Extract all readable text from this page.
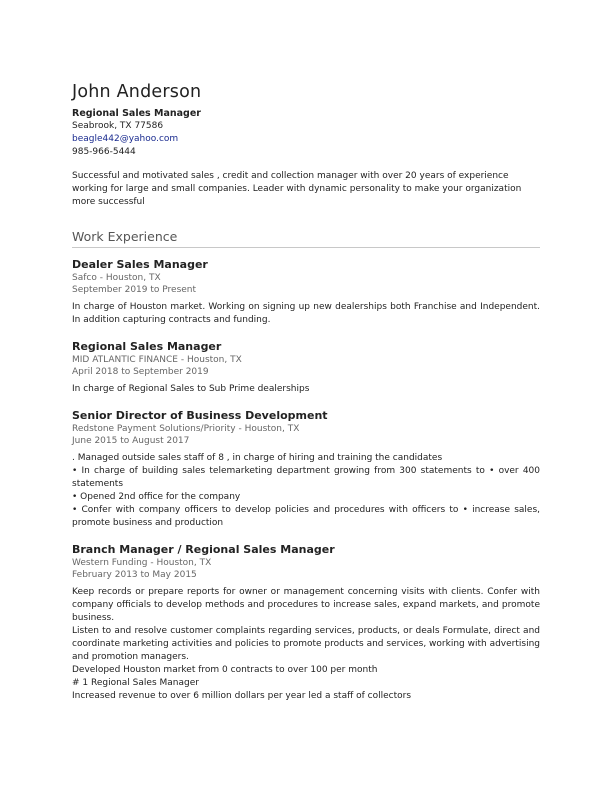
John Anderson
Regional Sales Manager
Seabrook, TX 77586
beagle442@yahoo.com
985-966-5444
Successful and motivated sales , credit and collection manager with over 20 years of experience working for large and small companies. Leader with dynamic personality to make your organization more successful
Work Experience
Dealer Sales Manager
Safco - Houston, TX
September 2019 to Present
In charge of Houston market. Working on signing up new dealerships both Franchise and Independent. In addition capturing contracts and funding.
Regional Sales Manager
MID ATLANTIC FINANCE - Houston, TX
April 2018 to September 2019
In charge of Regional Sales to Sub Prime dealerships
Senior Director of Business Development
Redstone Payment Solutions/Priority - Houston, TX
June 2015 to August 2017
. Managed outside sales staff of 8 , in charge of hiring and training the candidates
• In charge of building sales telemarketing department growing from 300 statements to • over 400 statements
• Opened 2nd office for the company
• Confer with company officers to develop policies and procedures with officers to • increase sales, promote business and production
Branch Manager / Regional Sales Manager
Western Funding - Houston, TX
February 2013 to May 2015
Keep records or prepare reports for owner or management concerning visits with clients. Confer with company officials to develop methods and procedures to increase sales, expand markets, and promote business.
Listen to and resolve customer complaints regarding services, products, or deals Formulate, direct and coordinate marketing activities and policies to promote products and services, working with advertising and promotion managers.
Developed Houston market from 0 contracts to over 100 per month
# 1 Regional Sales Manager
Increased revenue to over 6 million dollars per year led a staff of collectors
